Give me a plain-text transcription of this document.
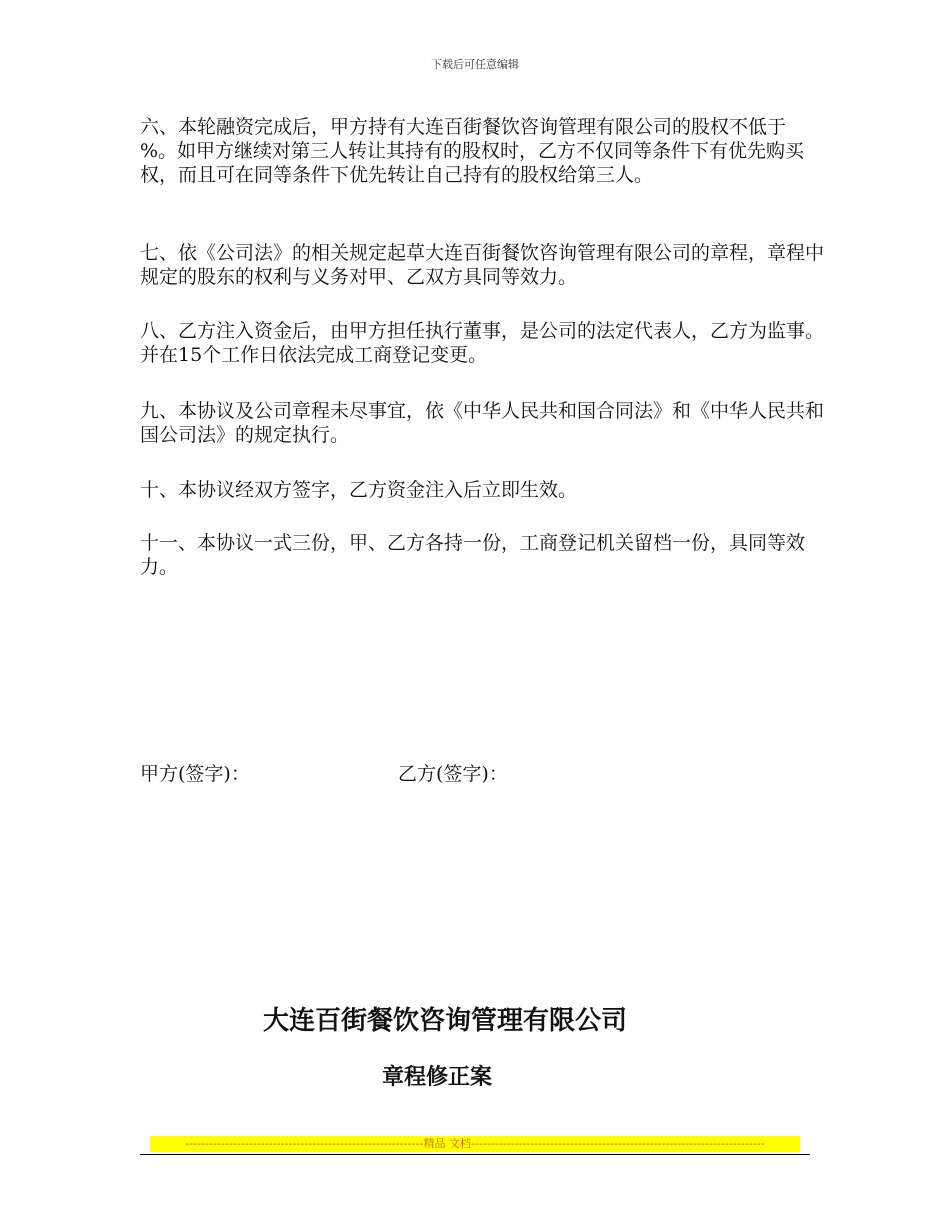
下载后可任意编辑

六、本轮融资完成后，甲方持有大连百街餐饮咨询管理有限公司的股权不低于　　%。如甲方继续对第三人转让其持有的股权时，乙方不仅同等条件下有优先购买权，而且可在同等条件下优先转让自己持有的股权给第三人。

七、依《公司法》的相关规定起草大连百街餐饮咨询管理有限公司的章程，章程中规定的股东的权利与义务对甲、乙双方具同等效力。

八、乙方注入资金后，由甲方担任执行董事，是公司的法定代表人，乙方为监事。并在15个工作日依法完成工商登记变更。

九、本协议及公司章程未尽事宜，依《中华人民共和国合同法》和《中华人民共和国公司法》的规定执行。

十、本协议经双方签字，乙方资金注入后立即生效。

十一、本协议一式三份，甲、乙方各持一份，工商登记机关留档一份，具同等效力。

甲方(签字)：	乙方(签字)：
大连百街餐饮咨询管理有限公司
章程修正案
------------------------------------------------------------精品 文档--------------------------------------------------------------------------
